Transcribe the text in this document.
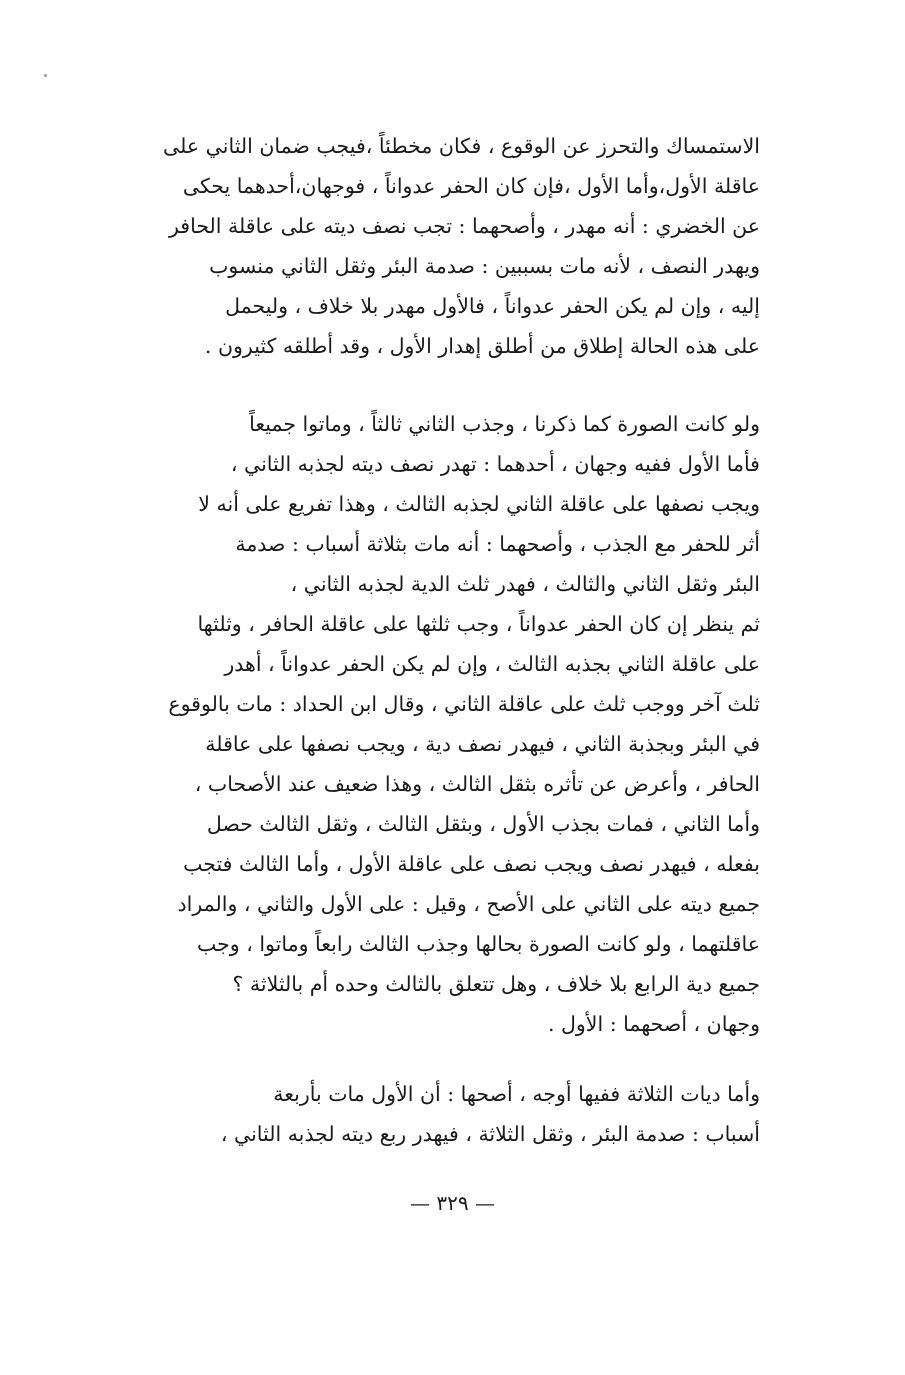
الاستمساك والتحرز عن الوقوع ، فكان مخطئاً ،فيجب ضمان الثاني على
عاقلة الأول،وأما الأول ،فإن كان الحفر عدواناً ، فوجهان،أحدهما يحكى
عن الخضري : أنه مهدر ، وأصحهما : تجب نصف ديته على عاقلة الحافر
ويهدر النصف ، لأنه مات بسببين : صدمة البئر وثقل الثاني منسوب
إليه ، وإن لم يكن الحفر عدواناً ، فالأول مهدر بلا خلاف ، وليحمل
على هذه الحالة إطلاق من أطلق إهدار الأول ، وقد أطلقه كثيرون .
ولو كانت الصورة كما ذكرنا ، وجذب الثاني ثالثاً ، وماتوا جميعاً
فأما الأول ففيه وجهان ، أحدهما : تهدر نصف ديته لجذبه الثاني ،
ويجب نصفها على عاقلة الثاني لجذبه الثالث ، وهذا تفريع على أنه لا
أثر للحفر مع الجذب ، وأصحهما : أنه مات بثلاثة أسباب : صدمة
البئر وثقل الثاني والثالث ، فهدر ثلث الدية لجذبه الثاني ،
ثم ينظر إن كان الحفر عدواناً ، وجب ثلثها على عاقلة الحافر ، وثلثها
على عاقلة الثاني بجذبه الثالث ، وإن لم يكن الحفر عدواناً ، أهدر
ثلث آخر ووجب ثلث على عاقلة الثاني ، وقال ابن الحداد : مات بالوقوع
في البئر وبجذبة الثاني ، فيهدر نصف دية ، ويجب نصفها على عاقلة
الحافر ، وأعرض عن تأثره بثقل الثالث ، وهذا ضعيف عند الأصحاب ،
وأما الثاني ، فمات بجذب الأول ، وبثقل الثالث ، وثقل الثالث حصل
بفعله ، فيهدر نصف ويجب نصف على عاقلة الأول ، وأما الثالث فتجب
جميع ديته على الثاني على الأصح ، وقيل : على الأول والثاني ، والمراد
عاقلتهما ، ولو كانت الصورة بحالها وجذب الثالث رابعاً وماتوا ، وجب
جميع دية الرابع بلا خلاف ، وهل تتعلق بالثالث وحده أم بالثلاثة ؟
وجهان ، أصحهما : الأول .
وأما ديات الثلاثة ففيها أوجه ، أصحها : أن الأول مات بأربعة
أسباب : صدمة البئر ، وثقل الثلاثة ، فيهدر ربع ديته لجذبه الثاني ،
— ٣٢٩ —
